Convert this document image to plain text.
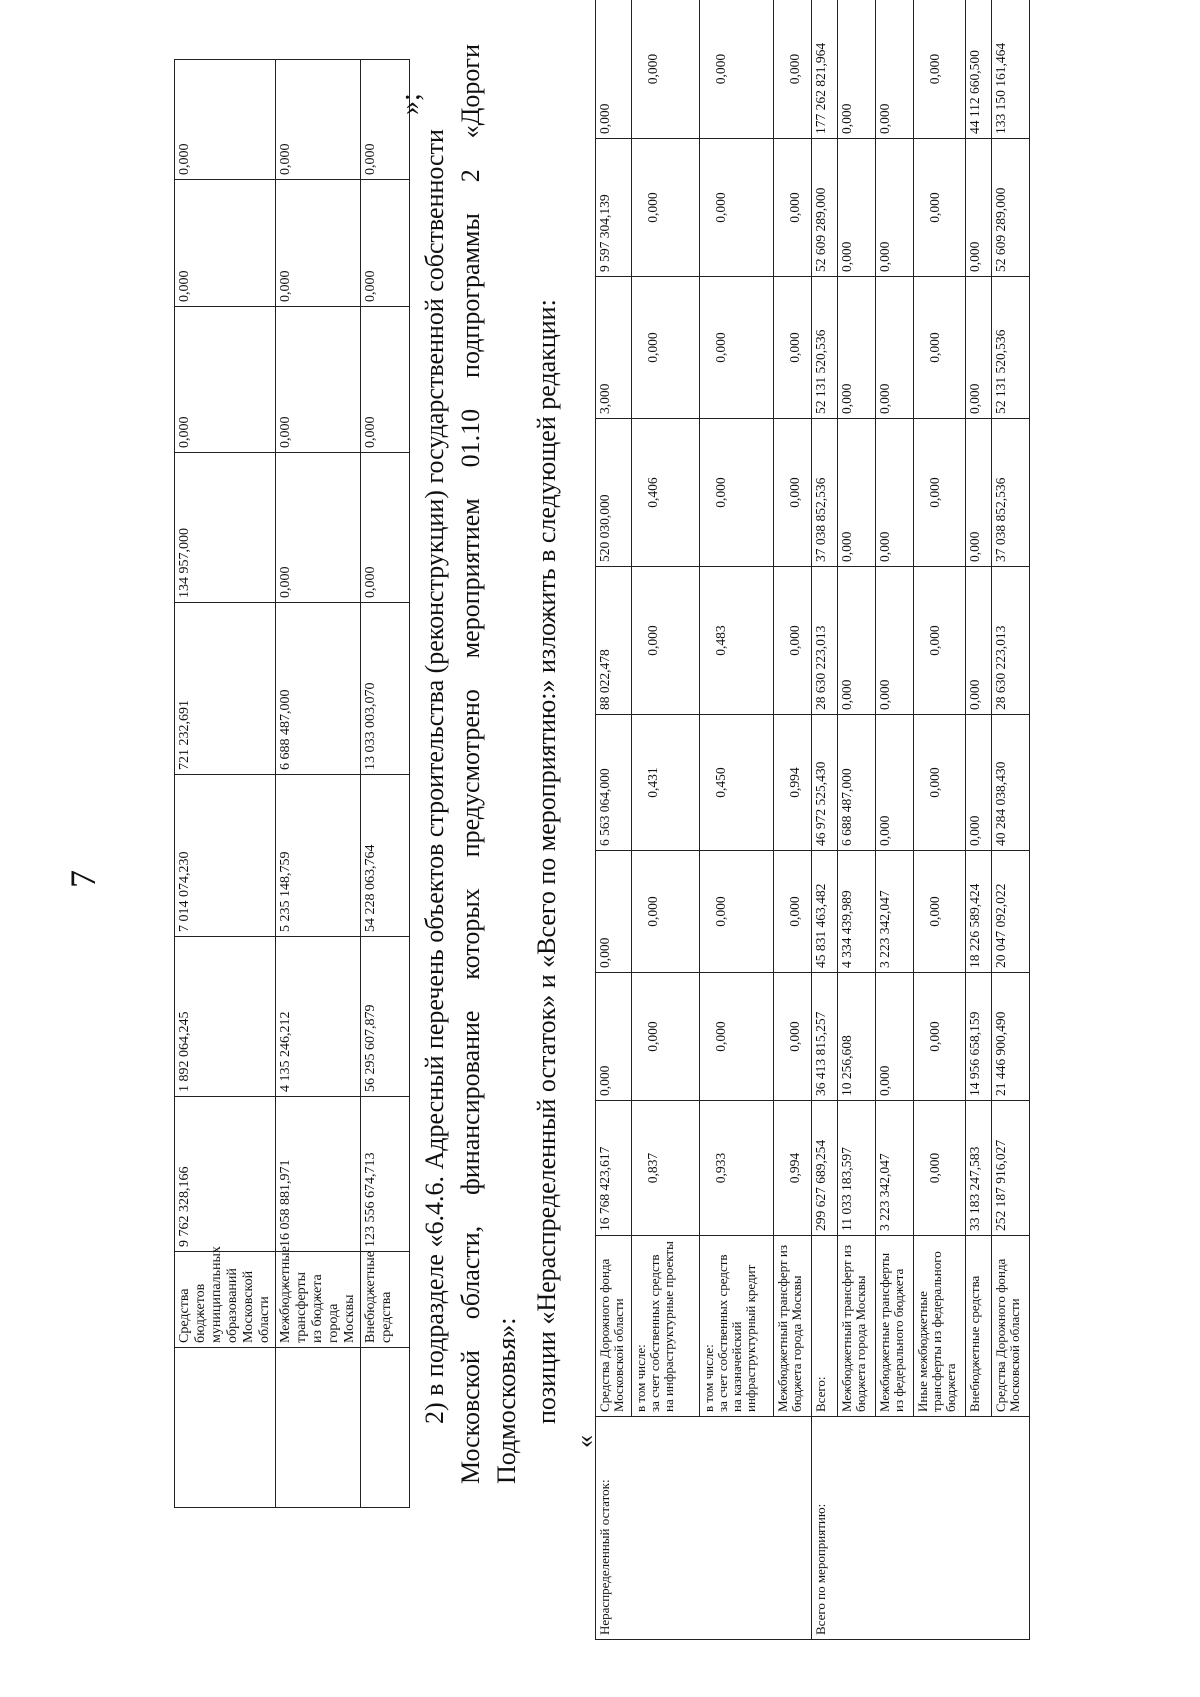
7
	Средства бюджетов муниципальных образований Московской области	9 762 328,166	1 892 064,245	7 014 074,230	721 232,691	134 957,000	0,000	0,000	0,000
	Межбюджетные трансферты из бюджета города Москвы	16 058 881,971	4 135 246,212	5 235 148,759	6 688 487,000	0,000	0,000	0,000	0,000
	Внебюджетные средства	123 556 674,713	56 295 607,879	54 228 063,764	13 033 003,070	0,000	0,000	0,000	0,000
»;
2) в подразделе «6.4.6. Адресный перечень объектов строительства (реконструкции) государственной собственности Московской области, финансирование которых предусмотрено мероприятием 01.10 подпрограммы 2 «Дороги Подмосковья»: позиции «Нераспределенный остаток» и «Всего по мероприятию:» изложить в следующей редакции:
«
Нераспределенный остаток:	Средства Дорожного фонда Московской области	16 768 423,617	0,000	0,000	6 563 064,000	88 022,478	520 030,000	3,000	9 597 304,139	0,000
	в том числе:
за счет собственных средств на инфраструктурные проекты	0,837	0,000	0,000	0,431	0,000	0,406	0,000	0,000	0,000
	в том числе:
за счет собственных средств на казначейский инфраструктурный кредит	0,933	0,000	0,000	0,450	0,483	0,000	0,000	0,000	0,000
	Межбюджетный трансферт из бюджета города Москвы	0,994	0,000	0,000	0,994	0,000	0,000	0,000	0,000	0,000
Всего по мероприятию:	Всего:	299 627 689,254	36 413 815,257	45 831 463,482	46 972 525,430	28 630 223,013	37 038 852,536	52 131 520,536	52 609 289,000	177 262 821,964
	Межбюджетный трансферт из бюджета города Москвы	11 033 183,597	10 256,608	4 334 439,989	6 688 487,000	0,000	0,000	0,000	0,000	0,000
	Межбюджетные трансферты из федерального бюджета	3 223 342,047	0,000	3 223 342,047	0,000	0,000	0,000	0,000	0,000	0,000
	Иные межбюджетные трансферты из федерального бюджета	0,000	0,000	0,000	0,000	0,000	0,000	0,000	0,000	0,000
	Внебюджетные средства	33 183 247,583	14 956 658,159	18 226 589,424	0,000	0,000	0,000	0,000	0,000	44 112 660,500
	Средства Дорожного фонда Московской области	252 187 916,027	21 446 900,490	20 047 092,022	40 284 038,430	28 630 223,013	37 038 852,536	52 131 520,536	52 609 289,000	133 150 161,464
